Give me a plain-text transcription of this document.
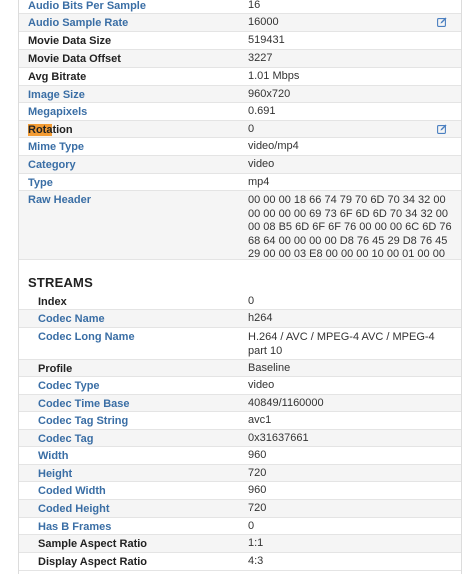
Audio Bits Per Sample	16
Audio Sample Rate	16000
Movie Data Size	519431
Movie Data Offset	3227
Avg Bitrate	1.01 Mbps
Image Size	960x720
Megapixels	0.691
Rotation	0
Mime Type	video/mp4
Category	video
Type	mp4
Raw Header	00 00 00 18 66 74 79 70 6D 70 34 32 00 00 00 00 00 69 73 6F 6D 6D 70 34 32 00 00 08 B5 6D 6F 6F 76 00 00 00 6C 6D 76 68 64 00 00 00 00 D8 76 45 29 D8 76 45 29 00 00 03 E8 00 00 00 10 00 01 00 00
STREAMS
Index	0
Codec Name	h264
Codec Long Name	H.264 / AVC / MPEG-4 AVC / MPEG-4 part 10
Profile	Baseline
Codec Type	video
Codec Time Base	40849/1160000
Codec Tag String	avc1
Codec Tag	0x31637661
Width	960
Height	720
Coded Width	960
Coded Height	720
Has B Frames	0
Sample Aspect Ratio	1:1
Display Aspect Ratio	4:3
